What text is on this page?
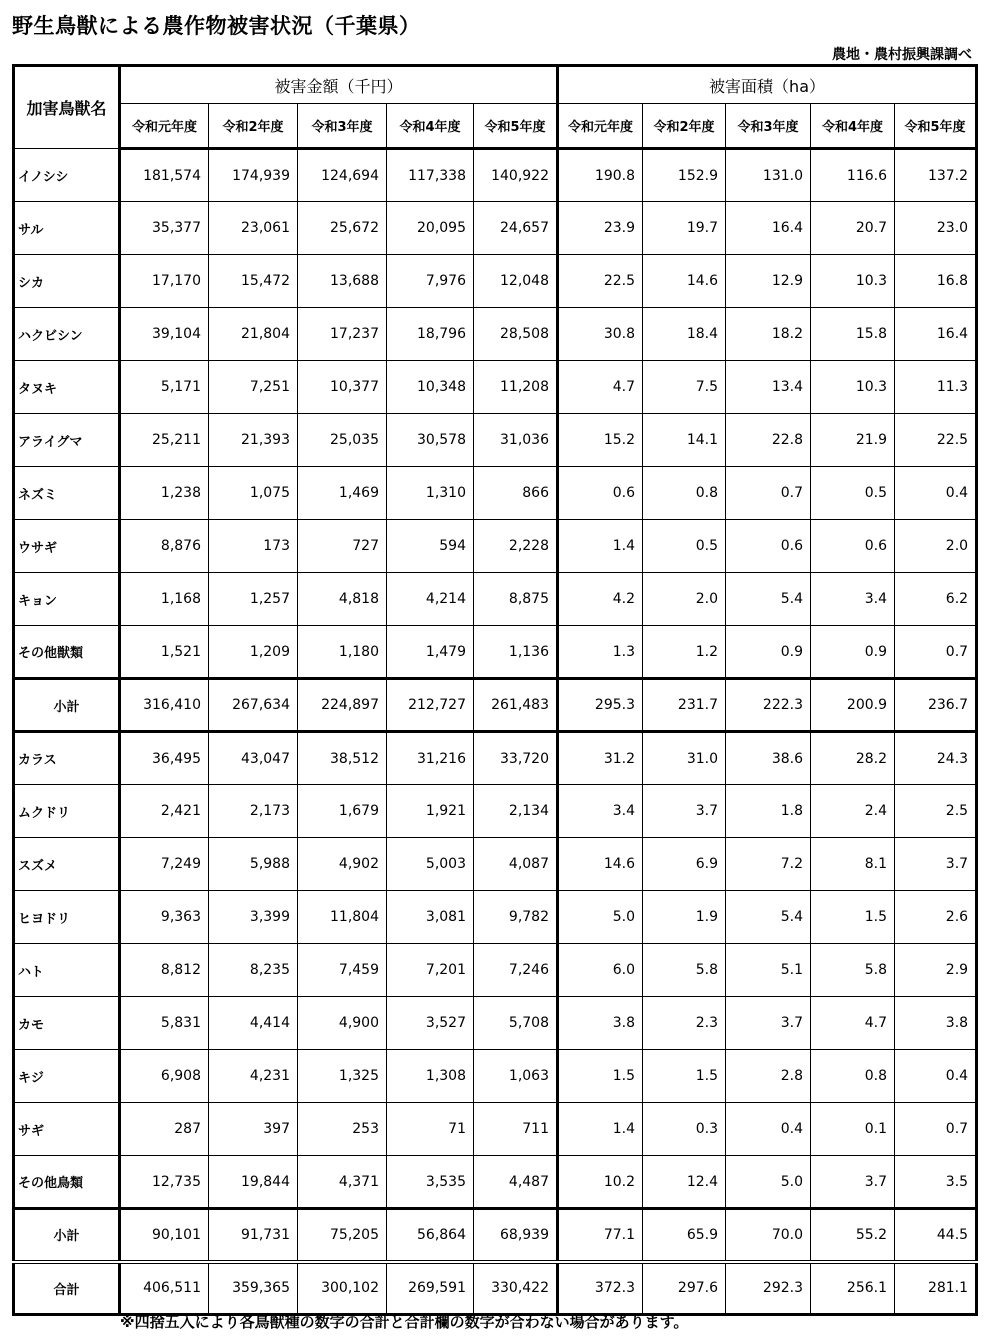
野生鳥獣による農作物被害状況（千葉県）
農地・農村振興課調べ
加害鳥獣名	被害金額（千円）					被害面積（ha）				
	令和元年度	令和2年度	令和3年度	令和4年度	令和5年度	令和元年度	令和2年度	令和3年度	令和4年度	令和5年度
イノシシ	181,574	174,939	124,694	117,338	140,922	190.8	152.9	131.0	116.6	137.2
サル	35,377	23,061	25,672	20,095	24,657	23.9	19.7	16.4	20.7	23.0
シカ	17,170	15,472	13,688	7,976	12,048	22.5	14.6	12.9	10.3	16.8
ハクビシン	39,104	21,804	17,237	18,796	28,508	30.8	18.4	18.2	15.8	16.4
タヌキ	5,171	7,251	10,377	10,348	11,208	4.7	7.5	13.4	10.3	11.3
アライグマ	25,211	21,393	25,035	30,578	31,036	15.2	14.1	22.8	21.9	22.5
ネズミ	1,238	1,075	1,469	1,310	866	0.6	0.8	0.7	0.5	0.4
ウサギ	8,876	173	727	594	2,228	1.4	0.5	0.6	0.6	2.0
キョン	1,168	1,257	4,818	4,214	8,875	4.2	2.0	5.4	3.4	6.2
その他獣類	1,521	1,209	1,180	1,479	1,136	1.3	1.2	0.9	0.9	0.7
小計	316,410	267,634	224,897	212,727	261,483	295.3	231.7	222.3	200.9	236.7
カラス	36,495	43,047	38,512	31,216	33,720	31.2	31.0	38.6	28.2	24.3
ムクドリ	2,421	2,173	1,679	1,921	2,134	3.4	3.7	1.8	2.4	2.5
スズメ	7,249	5,988	4,902	5,003	4,087	14.6	6.9	7.2	8.1	3.7
ヒヨドリ	9,363	3,399	11,804	3,081	9,782	5.0	1.9	5.4	1.5	2.6
ハト	8,812	8,235	7,459	7,201	7,246	6.0	5.8	5.1	5.8	2.9
カモ	5,831	4,414	4,900	3,527	5,708	3.8	2.3	3.7	4.7	3.8
キジ	6,908	4,231	1,325	1,308	1,063	1.5	1.5	2.8	0.8	0.4
サギ	287	397	253	71	711	1.4	0.3	0.4	0.1	0.7
その他鳥類	12,735	19,844	4,371	3,535	4,487	10.2	12.4	5.0	3.7	3.5
小計	90,101	91,731	75,205	56,864	68,939	77.1	65.9	70.0	55.2	44.5
合計	406,511	359,365	300,102	269,591	330,422	372.3	297.6	292.3	256.1	281.1
※四捨五入により各鳥獣種の数字の合計と合計欄の数字が合わない場合があります。
